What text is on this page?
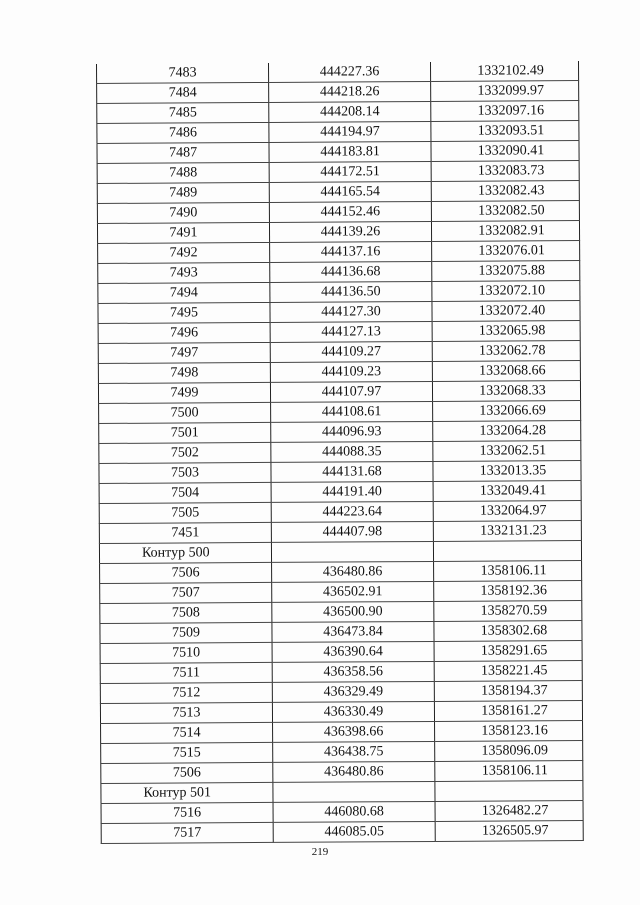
7483	444227.36	1332102.49
7484	444218.26	1332099.97
7485	444208.14	1332097.16
7486	444194.97	1332093.51
7487	444183.81	1332090.41
7488	444172.51	1332083.73
7489	444165.54	1332082.43
7490	444152.46	1332082.50
7491	444139.26	1332082.91
7492	444137.16	1332076.01
7493	444136.68	1332075.88
7494	444136.50	1332072.10
7495	444127.30	1332072.40
7496	444127.13	1332065.98
7497	444109.27	1332062.78
7498	444109.23	1332068.66
7499	444107.97	1332068.33
7500	444108.61	1332066.69
7501	444096.93	1332064.28
7502	444088.35	1332062.51
7503	444131.68	1332013.35
7504	444191.40	1332049.41
7505	444223.64	1332064.97
7451	444407.98	1332131.23
Контур 500		
7506	436480.86	1358106.11
7507	436502.91	1358192.36
7508	436500.90	1358270.59
7509	436473.84	1358302.68
7510	436390.64	1358291.65
7511	436358.56	1358221.45
7512	436329.49	1358194.37
7513	436330.49	1358161.27
7514	436398.66	1358123.16
7515	436438.75	1358096.09
7506	436480.86	1358106.11
Контур 501		
7516	446080.68	1326482.27
7517	446085.05	1326505.97
219
